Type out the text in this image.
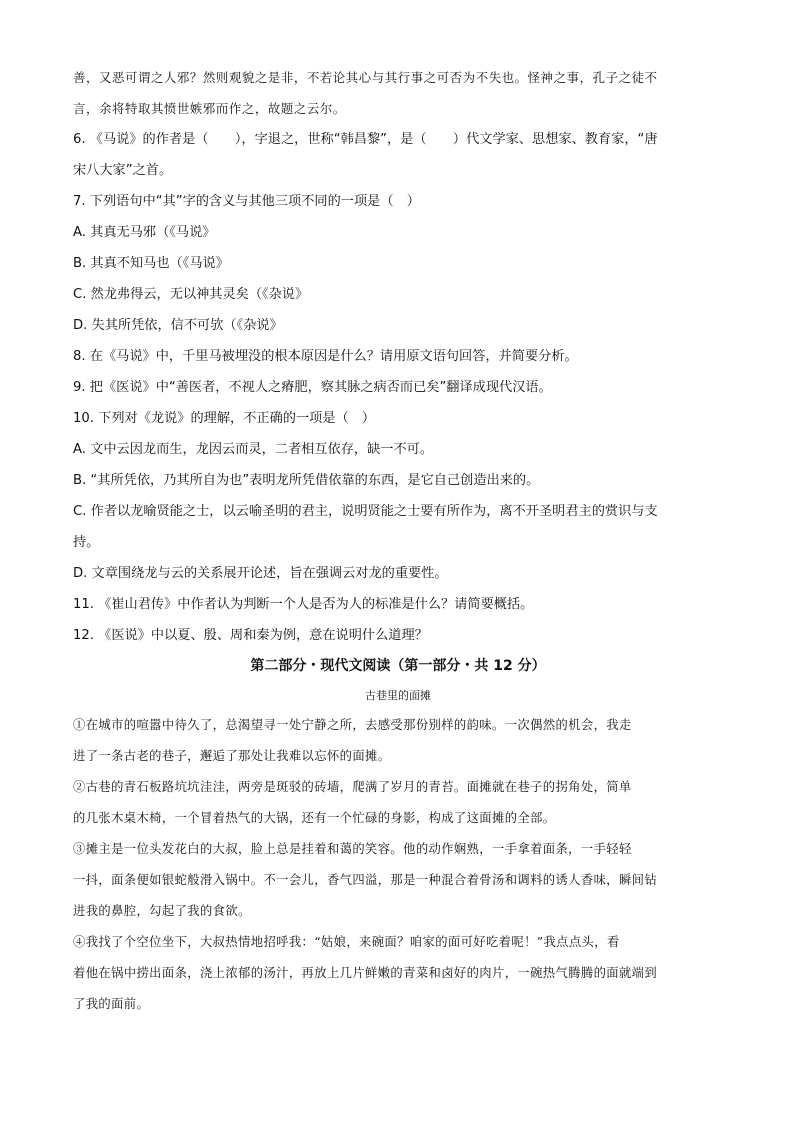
善，又恶可谓之人邪？然则观貌之是非，不若论其心与其行事之可否为不失也。怪神之事，孔子之徒不
言，余将特取其愤世嫉邪而作之，故题之云尔。
6. 《马说》的作者是（　　），字退之，世称“韩昌黎”，是（　　）代文学家、思想家、教育家，“唐
宋八大家”之首。
7. 下列语句中“其”字的含义与其他三项不同的一项是（　）
A. 其真无马邪（《马说》
B. 其真不知马也（《马说》
C. 然龙弗得云，无以神其灵矣（《杂说》
D. 失其所凭依，信不可欤（《杂说》
8. 在《马说》中，千里马被埋没的根本原因是什么？请用原文语句回答，并简要分析。
9. 把《医说》中“善医者，不视人之瘠肥，察其脉之病否而已矣”翻译成现代汉语。
10. 下列对《龙说》的理解，不正确的一项是（　）
A. 文中云因龙而生，龙因云而灵，二者相互依存，缺一不可。
B. “其所凭依，乃其所自为也”表明龙所凭借依靠的东西，是它自己创造出来的。
C. 作者以龙喻贤能之士，以云喻圣明的君主，说明贤能之士要有所作为，离不开圣明君主的赏识与支
持。
D. 文章围绕龙与云的关系展开论述，旨在强调云对龙的重要性。
11. 《崔山君传》中作者认为判断一个人是否为人的标准是什么？请简要概括。
12. 《医说》中以夏、殷、周和秦为例，意在说明什么道理？
第二部分・现代文阅读（第一部分・共 12 分）
古巷里的面摊
①在城市的喧嚣中待久了，总渴望寻一处宁静之所，去感受那份别样的韵味。一次偶然的机会，我走
进了一条古老的巷子，邂逅了那处让我难以忘怀的面摊。
②古巷的青石板路坑坑洼洼，两旁是斑驳的砖墙，爬满了岁月的青苔。面摊就在巷子的拐角处，简单
的几张木桌木椅，一个冒着热气的大锅，还有一个忙碌的身影，构成了这面摊的全部。
③摊主是一位头发花白的大叔，脸上总是挂着和蔼的笑容。他的动作娴熟，一手拿着面条，一手轻轻
一抖，面条便如银蛇般滑入锅中。不一会儿，香气四溢，那是一种混合着骨汤和调料的诱人香味，瞬间钻
进我的鼻腔，勾起了我的食欲。
④我找了个空位坐下，大叔热情地招呼我：“姑娘，来碗面？咱家的面可好吃着呢！”我点点头，看
着他在锅中捞出面条，浇上浓郁的汤汁，再放上几片鲜嫩的青菜和卤好的肉片，一碗热气腾腾的面就端到
了我的面前。
